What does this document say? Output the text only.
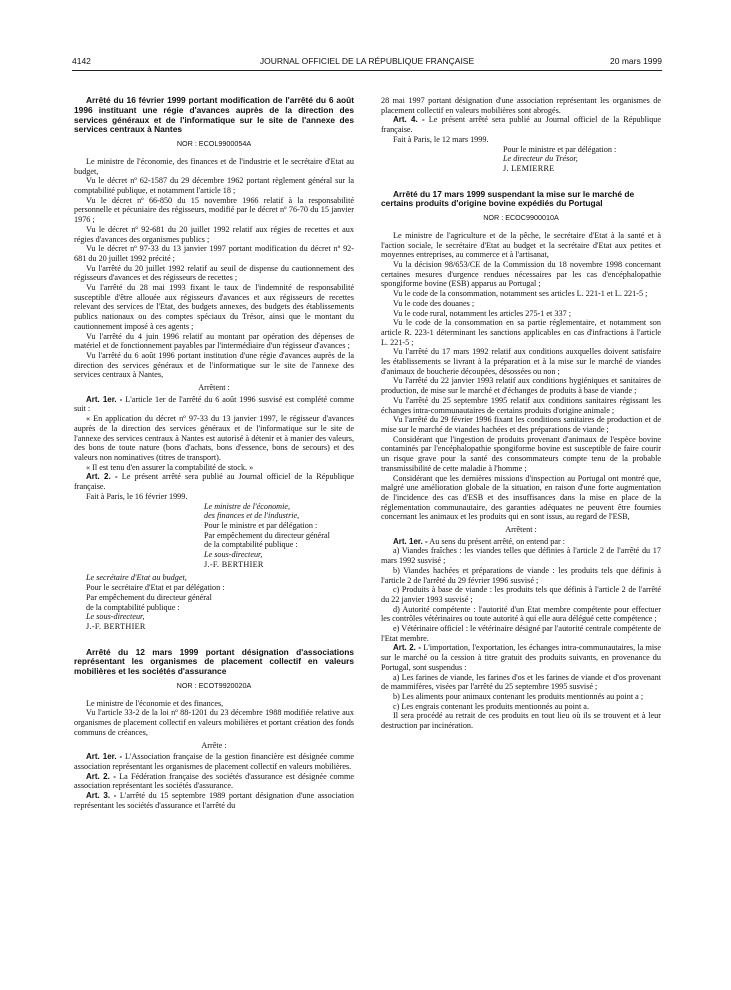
4142	JOURNAL OFFICIEL DE LA RÉPUBLIQUE FRANÇAISE	20 mars 1999

Arrêté du 16 février 1999 portant modification de l'arrêté du 6 août 1996 instituant une régie d'avances auprès de la direction des services généraux et de l'informatique sur le site de l'annexe des services centraux à Nantes

NOR : ECOL9900054A

Le ministre de l'économie, des finances et de l'industrie et le secrétaire d'Etat au budget,

Vu le décret nº 62-1587 du 29 décembre 1962 portant règlement général sur la comptabilité publique, et notamment l'article 18 ;

Vu le décret nº 66-850 du 15 novembre 1966 relatif à la responsabilité personnelle et pécuniaire des régisseurs, modifié par le décret nº 76-70 du 15 janvier 1976 ;

Vu le décret nº 92-681 du 20 juillet 1992 relatif aux régies de recettes et aux régies d'avances des organismes publics ;

Vu le décret nº 97-33 du 13 janvier 1997 portant modification du décret nº 92-681 du 20 juillet 1992 précité ;

Vu l'arrêté du 20 juillet 1992 relatif au seuil de dispense du cautionnement des régisseurs d'avances et des régisseurs de recettes ;

Vu l'arrêté du 28 mai 1993 fixant le taux de l'indemnité de responsabilité susceptible d'être allouée aux régisseurs d'avances et aux régisseurs de recettes relevant des services de l'Etat, des budgets annexes, des budgets des établissements publics nationaux ou des comptes spéciaux du Trésor, ainsi que le montant du cautionnement imposé à ces agents ;

Vu l'arrêté du 4 juin 1996 relatif au montant par opération des dépenses de matériel et de fonctionnement payables par l'intermédiaire d'un régisseur d'avances ;

Vu l'arrêté du 6 août 1996 portant institution d'une régie d'avances auprès de la direction des services généraux et de l'informatique sur le site de l'annexe des services centraux à Nantes,

Arrêtent :

Art. 1er. - L'article 1er de l'arrêté du 6 août 1996 susvisé est complété comme suit :

« En application du décret nº 97-33 du 13 janvier 1997, le régisseur d'avances auprès de la direction des services généraux et de l'informatique sur le site de l'annexe des services centraux à Nantes est autorisé à détenir et à manier des valeurs, des bons de toute nature (bons d'achats, bons d'essence, bons de secours) et des valeurs non nominatives (titres de transport).

« Il est tenu d'en assurer la comptabilité de stock. »

Art. 2. - Le présent arrêté sera publié au Journal officiel de la République française.

Fait à Paris, le 16 février 1999.

Le ministre de l'économie,

des finances et de l'industrie,

Pour le ministre et par délégation :

Par empêchement du directeur général

de la comptabilité publique :

Le sous-directeur,

J.-F. BERTHIER

Le secrétaire d'Etat au budget,

Pour le secrétaire d'Etat et par délégation :

Par empêchement du directeur général

de la comptabilité publique :

Le sous-directeur,

J.-F. BERTHIER

Arrêté du 12 mars 1999 portant désignation d'associations représentant les organismes de placement collectif en valeurs mobilières et les sociétés d'assurance

NOR : ECOT9920020A

Le ministre de l'économie et des finances,

Vu l'article 33-2 de la loi nº 88-1201 du 23 décembre 1988 modifiée relative aux organismes de placement collectif en valeurs mobilières et portant création des fonds communs de créances,

Arrête :

Art. 1er. - L'Association française de la gestion financière est désignée comme association représentant les organismes de placement collectif en valeurs mobilières.

Art. 2. - La Fédération française des sociétés d'assurance est désignée comme association représentant les sociétés d'assurance.

Art. 3. - L'arrêté du 15 septembre 1989 portant désignation d'une association représentant les sociétés d'assurance et l'arrêté du

28 mai 1997 portant désignation d'une association représentant les organismes de placement collectif en valeurs mobilières sont abrogés.

Art. 4. - Le présent arrêté sera publié au Journal officiel de la République française.

Fait à Paris, le 12 mars 1999.

Pour le ministre et par délégation :

Le directeur du Trésor,

J. LEMIERRE

Arrêté du 17 mars 1999 suspendant la mise sur le marché de certains produits d'origine bovine expédiés du Portugal

NOR : ECOC9900010A

Le ministre de l'agriculture et de la pêche, le secrétaire d'Etat à la santé et à l'action sociale, le secrétaire d'Etat au budget et la secrétaire d'Etat aux petites et moyennes entreprises, au commerce et à l'artisanat,

Vu la décision 98/653/CE de la Commission du 18 novembre 1998 concernant certaines mesures d'urgence rendues nécessaires par les cas d'encéphalopathie spongiforme bovine (ESB) apparus au Portugal ;

Vu le code de la consommation, notamment ses articles L. 221-1 et L. 221-5 ;

Vu le code des douanes ;

Vu le code rural, notamment les articles 275-1 et 337 ;

Vu le code de la consommation en sa partie réglementaire, et notamment son article R. 223-1 déterminant les sanctions applicables en cas d'infractions à l'article L. 221-5 ;

Vu l'arrêté du 17 mars 1992 relatif aux conditions auxquelles doivent satisfaire les établissements se livrant à la préparation et à la mise sur le marché de viandes d'animaux de boucherie découpées, désossées ou non ;

Vu l'arrêté du 22 janvier 1993 relatif aux conditions hygiéniques et sanitaires de production, de mise sur le marché et d'échanges de produits à base de viande ;

Vu l'arrêté du 25 septembre 1995 relatif aux conditions sanitaires régissant les échanges intra-communautaires de certains produits d'origine animale ;

Vu l'arrêté du 29 février 1996 fixant les conditions sanitaires de production et de mise sur le marché de viandes hachées et des préparations de viande ;

Considérant que l'ingestion de produits provenant d'animaux de l'espèce bovine contaminés par l'encéphalopathie spongiforme bovine est susceptible de faire courir un risque grave pour la santé des consommateurs compte tenu de la probable transmissibilité de cette maladie à l'homme ;

Considérant que les dernières missions d'inspection au Portugal ont montré que, malgré une amélioration globale de la situation, en raison d'une forte augmentation de l'incidence des cas d'ESB et des insuffisances dans la mise en place de la réglementation communautaire, des garanties adéquates ne peuvent être fournies concernant les animaux et les produits qui en sont issus, au regard de l'ESB,

Arrêtent :

Art. 1er. - Au sens du présent arrêté, on entend par :

a) Viandes fraîches : les viandes telles que définies à l'article 2 de l'arrêté du 17 mars 1992 susvisé ;

b) Viandes hachées et préparations de viande : les produits tels que définis à l'article 2 de l'arrêté du 29 février 1996 susvisé ;

c) Produits à base de viande : les produits tels que définis à l'article 2 de l'arrêté du 22 janvier 1993 susvisé ;

d) Autorité compétente : l'autorité d'un Etat membre compétente pour effectuer les contrôles vétérinaires ou toute autorité à qui elle aura délégué cette compétence ;

e) Vétérinaire officiel : le vétérinaire désigné par l'autorité centrale compétente de l'Etat membre.

Art. 2. - L'importation, l'exportation, les échanges intra-communautaires, la mise sur le marché ou la cession à titre gratuit des produits suivants, en provenance du Portugal, sont suspendus :

a) Les farines de viande, les farines d'os et les farines de viande et d'os provenant de mammifères, visées par l'arrêté du 25 septembre 1995 susvisé ;

b) Les aliments pour animaux contenant les produits mentionnés au point a ;

c) Les engrais contenant les produits mentionnés au point a.

Il sera procédé au retrait de ces produits en tout lieu où ils se trouvent et à leur destruction par incinération.
